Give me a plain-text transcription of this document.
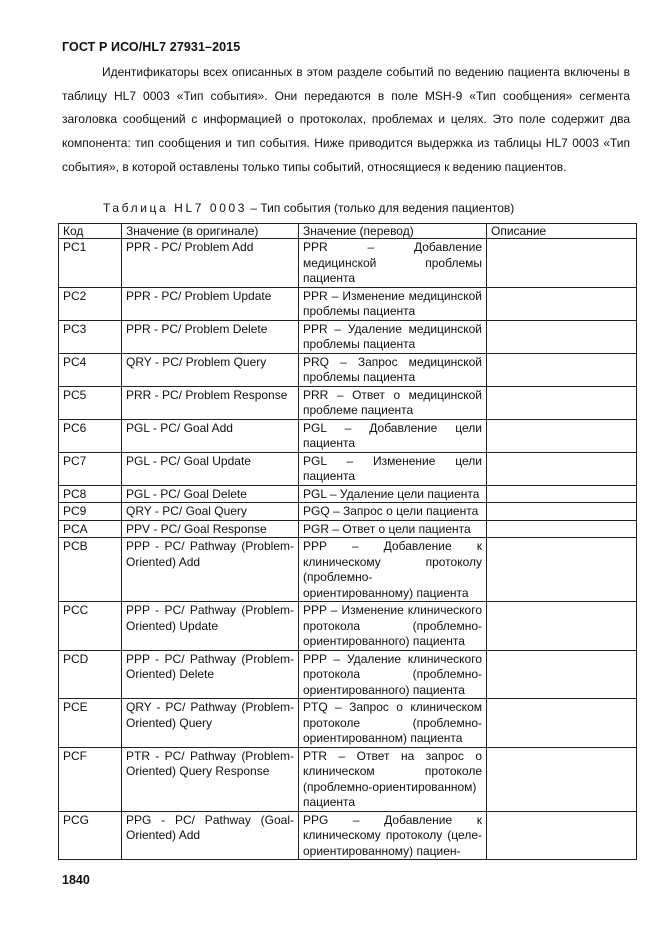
ГОСТ Р ИСО/HL7 27931–2015

Идентификаторы всех описанных в этом разделе событий по ведению пациента включены в таблицу HL7 0003 «Тип события». Они передаются в поле MSH-9 «Тип сообщения» сегмента заголовка сообщений с информацией о протоколах, проблемах и целях. Это поле содержит два компонента: тип сообщения и тип события. Ниже приводится выдержка из таблицы HL7 0003 «Тип события», в которой оставлены только типы событий, относящиеся к ведению пациентов.

Таблица HL7 0003 – Тип события (только для ведения пациентов)
Код	Значение (в оригинале)	Значение (перевод)	Описание
PC1	PPR - PC/ Problem Add	PPR – Добавление медицинской проблемы пациента	
PC2	PPR - PC/ Problem Update	PPR – Изменение медицинской проблемы пациента	
PC3	PPR - PC/ Problem Delete	PPR – Удаление медицинской проблемы пациента	
PC4	QRY - PC/ Problem Query	PRQ – Запрос медицинской проблемы пациента	
PC5	PRR - PC/ Problem Response	PRR – Ответ о медицинской проблеме пациента	
PC6	PGL - PC/ Goal Add	PGL – Добавление цели пациента	
PC7	PGL - PC/ Goal Update	PGL – Изменение цели пациента	
PC8	PGL - PC/ Goal Delete	PGL – Удаление цели пациента	
PC9	QRY - PC/ Goal Query	PGQ – Запрос о цели пациента	
PCA	PPV - PC/ Goal Response	PGR – Ответ о цели пациента	
PCB	PPP - PC/ Pathway (Problem-Oriented) Add	PPP – Добавление к клиническому протоколу (проблемно-ориентированному) пациента	
PCC	PPP - PC/ Pathway (Problem-Oriented) Update	PPP – Изменение клинического протокола (проблемно-ориентированного) пациента	
PCD	PPP - PC/ Pathway (Problem-Oriented) Delete	PPP – Удаление клинического протокола (проблемно-ориентированного) пациента	
PCE	QRY - PC/ Pathway (Problem-Oriented) Query	PTQ – Запрос о клиническом протоколе (проблемно-ориентированном) пациента	
PCF	PTR - PC/ Pathway (Problem-Oriented) Query Response	PTR – Ответ на запрос о клиническом протоколе (проблемно-ориентированном) пациента	
PCG	PPG - PC/ Pathway (Goal-Oriented) Add	PPG – Добавление к клиническому протоколу (целе-ориентированному) пациен-	
1840
